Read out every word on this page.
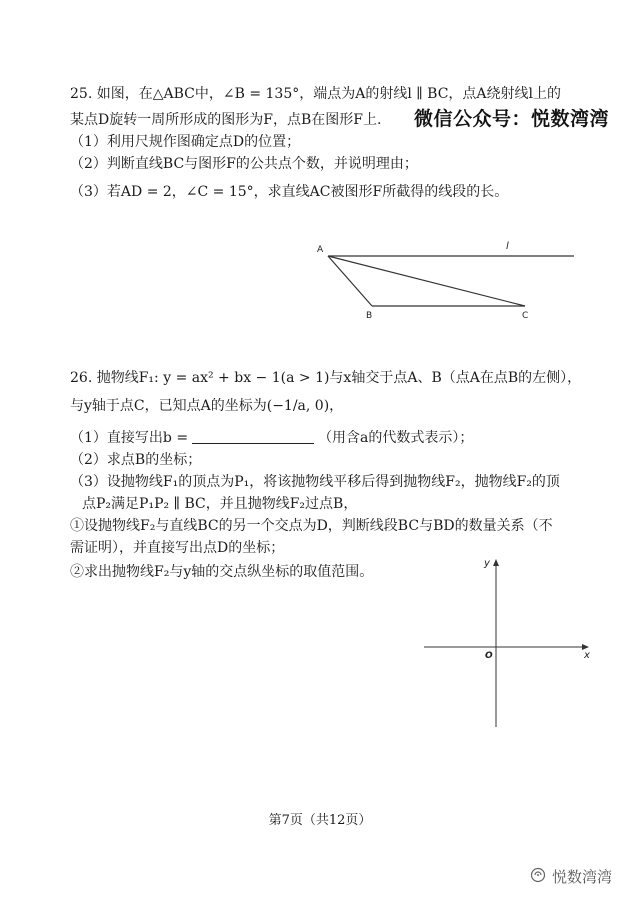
25. 如图，在△ABC中，∠B = 135°，端点为A的射线l ∥ BC，点A绕射线l上的
某点D旋转一周所形成的图形为F，点B在图形F上. 微信公众号：悦数湾湾
（1）利用尺规作图确定点D的位置；
（2）判断直线BC与图形F的公共点个数，并说明理由；
（3）若AD = 2，∠C = 15°，求直线AC被图形F所截得的线段的长。
A
B	C
l
x
y
O
26. 抛物线F₁: y = ax² + bx − 1(a > 1)与x轴交于点A、B（点A在点B的左侧），
与y轴于点C，已知点A的坐标为(−1/a, 0)，
（1）直接写出b =	（用含a的代数式表示）；
（2）求点B的坐标；
（3）设抛物线F₁的顶点为P₁，将该抛物线平移后得到抛物线F₂，抛物线F₂的顶
点P₂满足P₁P₂ ∥ BC，并且抛物线F₂过点B，
①设抛物线F₂与直线BC的另一个交点为D，判断线段BC与BD的数量关系（不
需证明），并直接写出点D的坐标；
②求出抛物线F₂与y轴的交点纵坐标的取值范围。
第7页（共12页）
悦数湾湾
